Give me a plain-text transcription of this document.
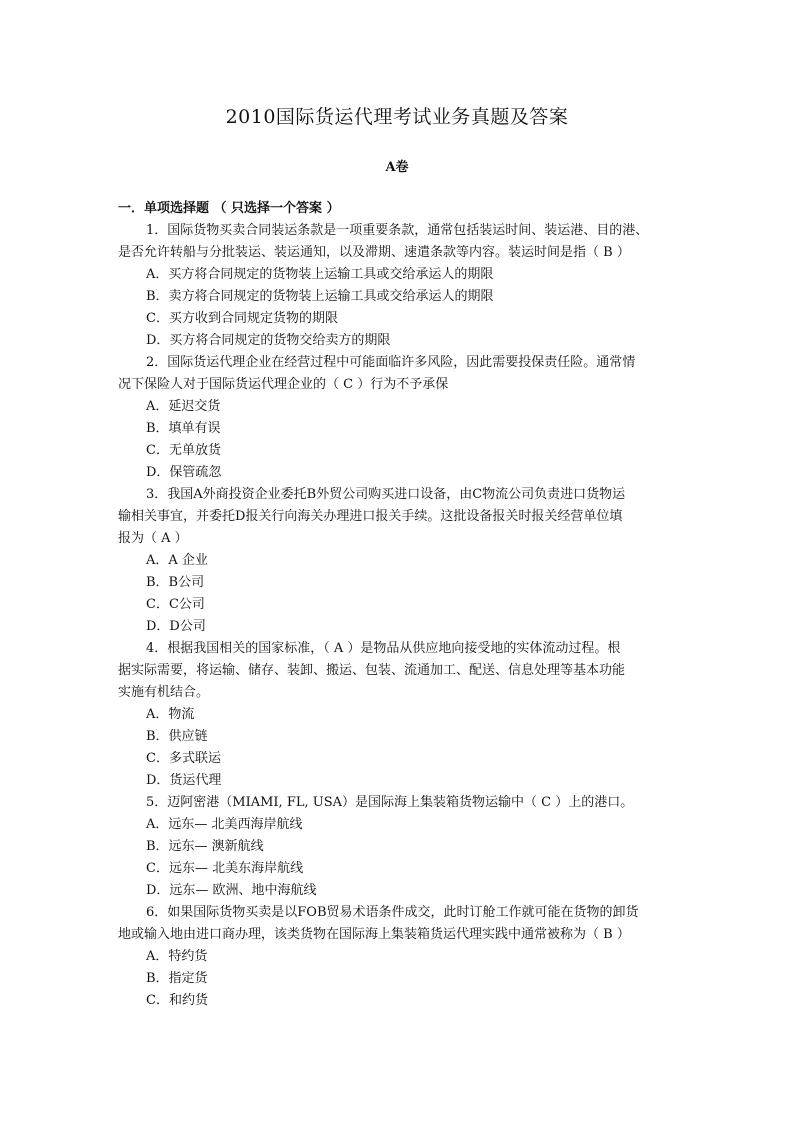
2010国际货运代理考试业务真题及答案
A卷
一．单项选择题 （ 只选择一个答案 ）
1．国际货物买卖合同装运条款是一项重要条款，通常包括装运时间、装运港、目的港、
是否允许转船与分批装运、装运通知，以及滞期、速遣条款等内容。装运时间是指（ B ）
A．买方将合同规定的货物装上运输工具或交给承运人的期限
B．卖方将合同规定的货物装上运输工具或交给承运人的期限
C．买方收到合同规定货物的期限
D．买方将合同规定的货物交给卖方的期限
2．国际货运代理企业在经营过程中可能面临许多风险，因此需要投保责任险。通常情
况下保险人对于国际货运代理企业的（ C ）行为不予承保
A．延迟交货
B．填单有误
C．无单放货
D．保管疏忽
3．我国A外商投资企业委托B外贸公司购买进口设备，由C物流公司负责进口货物运
输相关事宜，并委托D报关行向海关办理进口报关手续。这批设备报关时报关经营单位填
报为（ A ）
A．A 企业
B．B公司
C．C公司
D．D公司
4．根据我国相关的国家标准，（ A ）是物品从供应地向接受地的实体流动过程。根
据实际需要，将运输、储存、装卸、搬运、包装、流通加工、配送、信息处理等基本功能
实施有机结合。
A．物流
B．供应链
C．多式联运
D．货运代理
5．迈阿密港（MIAMI, FL, USA）是国际海上集装箱货物运输中（ C ）上的港口。
A．远东— 北美西海岸航线
B．远东— 澳新航线
C．远东— 北美东海岸航线
D．远东— 欧洲、地中海航线
6．如果国际货物买卖是以FOB贸易术语条件成交，此时订舱工作就可能在货物的卸货
地或输入地由进口商办理，该类货物在国际海上集装箱货运代理实践中通常被称为（ B ）
A．特约货
B．指定货
C．和约货
